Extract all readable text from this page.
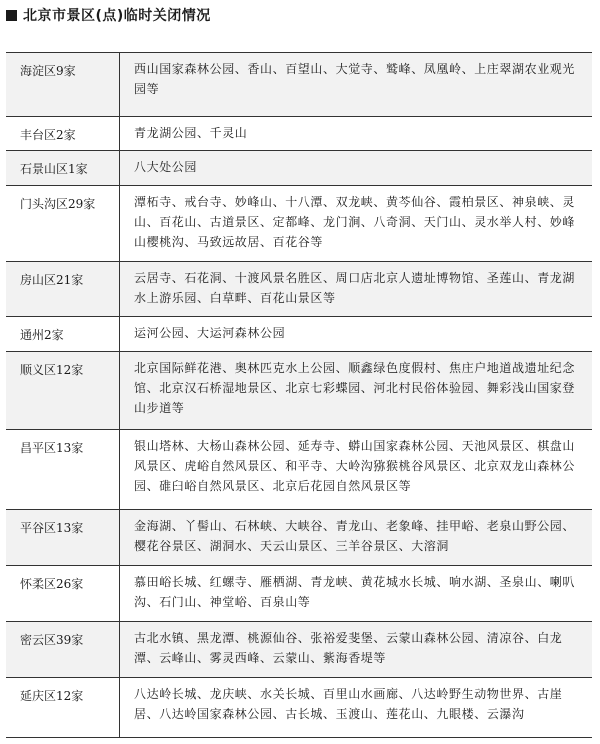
北京市景区(点)临时关闭情况
海淀区9家	西山国家森林公园、香山、百望山、大觉寺、鹫峰、凤凰岭、上庄翠湖农业观光园等
丰台区2家	青龙湖公园、千灵山
石景山区1家	八大处公园
门头沟区29家	潭柘寺、戒台寺、妙峰山、十八潭、双龙峡、黄芩仙谷、霞柏景区、神泉峡、灵山、百花山、古道景区、定都峰、龙门涧、八奇洞、天门山、灵水举人村、妙峰山樱桃沟、马致远故居、百花谷等
房山区21家	云居寺、石花洞、十渡风景名胜区、周口店北京人遗址博物馆、圣莲山、青龙湖水上游乐园、白草畔、百花山景区等
通州2家	运河公园、大运河森林公园
顺义区12家	北京国际鲜花港、奥林匹克水上公园、顺鑫绿色度假村、焦庄户地道战遗址纪念馆、北京汉石桥湿地景区、北京七彩蝶园、河北村民俗体验园、舞彩浅山国家登山步道等
昌平区13家	银山塔林、大杨山森林公园、延寿寺、蟒山国家森林公园、天池风景区、棋盘山风景区、虎峪自然风景区、和平寺、大岭沟猕猴桃谷风景区、北京双龙山森林公园、碓臼峪自然风景区、北京后花园自然风景区等
平谷区13家	金海湖、丫髻山、石林峡、大峡谷、青龙山、老象峰、挂甲峪、老泉山野公园、樱花谷景区、湖洞水、天云山景区、三羊谷景区、大溶洞
怀柔区26家	慕田峪长城、红螺寺、雁栖湖、青龙峡、黄花城水长城、响水湖、圣泉山、喇叭沟、石门山、神堂峪、百泉山等
密云区39家	古北水镇、黑龙潭、桃源仙谷、张裕爱斐堡、云蒙山森林公园、清凉谷、白龙潭、云峰山、雾灵西峰、云蒙山、紫海香堤等
延庆区12家	八达岭长城、龙庆峡、水关长城、百里山水画廊、八达岭野生动物世界、古崖居、八达岭国家森林公园、古长城、玉渡山、莲花山、九眼楼、云瀑沟
